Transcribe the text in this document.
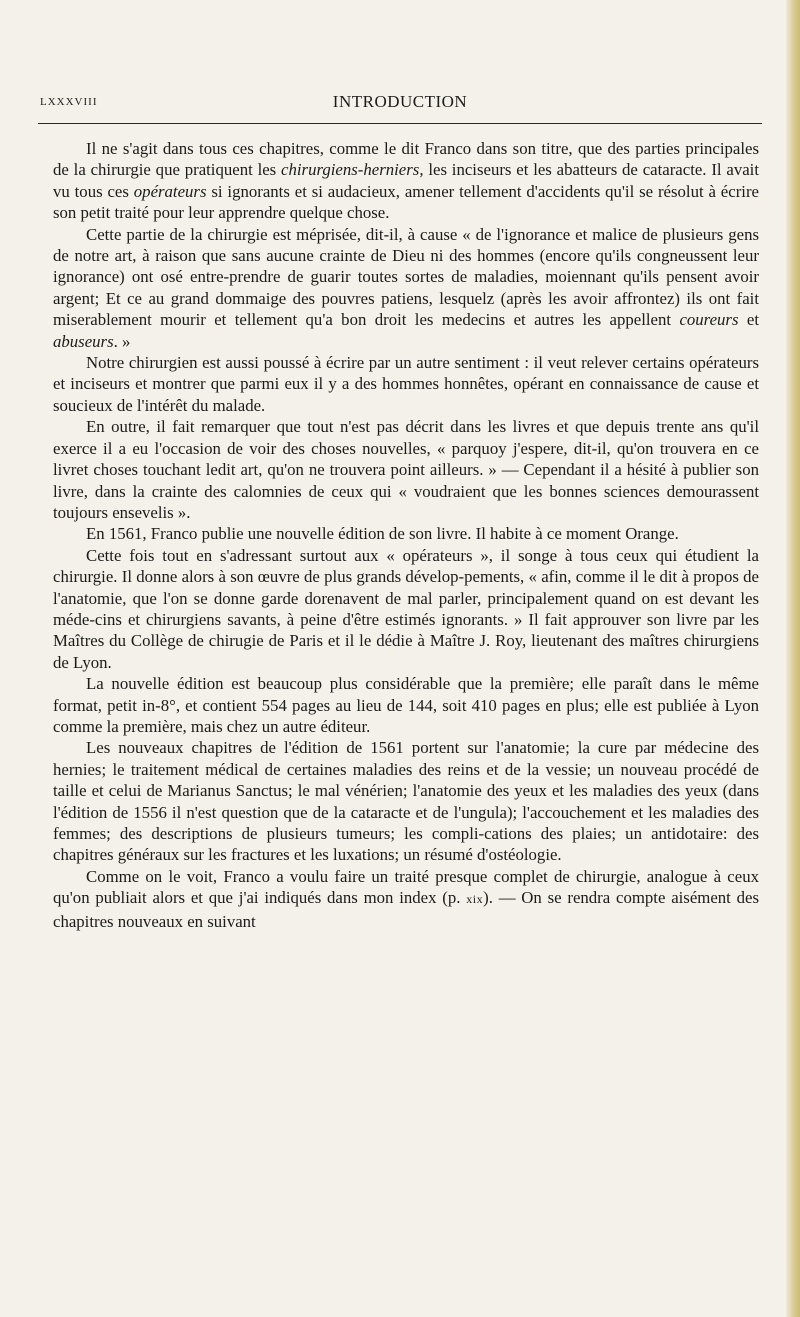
LXXXVIII	INTRODUCTION

Il ne s'agit dans tous ces chapitres, comme le dit Franco dans son titre, que des parties principales de la chirurgie que pratiquent les chirurgiens-herniers, les inciseurs et les abatteurs de cataracte. Il avait vu tous ces opérateurs si ignorants et si audacieux, amener tellement d'accidents qu'il se résolut à écrire son petit traité pour leur apprendre quelque chose.

Cette partie de la chirurgie est méprisée, dit-il, à cause « de l'ignorance et malice de plusieurs gens de notre art, à raison que sans aucune crainte de Dieu ni des hommes (encore qu'ils congneussent leur ignorance) ont osé entre-prendre de guarir toutes sortes de maladies, moiennant qu'ils pensent avoir argent; Et ce au grand dommaige des pouvres patiens, lesquelz (après les avoir affrontez) ils ont fait miserablement mourir et tellement qu'a bon droit les medecins et autres les appellent coureurs et abuseurs. »

Notre chirurgien est aussi poussé à écrire par un autre sentiment : il veut relever certains opérateurs et inciseurs et montrer que parmi eux il y a des hommes honnêtes, opérant en connaissance de cause et soucieux de l'intérêt du malade.

En outre, il fait remarquer que tout n'est pas décrit dans les livres et que depuis trente ans qu'il exerce il a eu l'occasion de voir des choses nouvelles, « parquoy j'espere, dit-il, qu'on trouvera en ce livret choses touchant ledit art, qu'on ne trouvera point ailleurs. » — Cependant il a hésité à publier son livre, dans la crainte des calomnies de ceux qui « voudraient que les bonnes sciences demourassent toujours ensevelis ».

En 1561, Franco publie une nouvelle édition de son livre. Il habite à ce moment Orange.

Cette fois tout en s'adressant surtout aux « opérateurs », il songe à tous ceux qui étudient la chirurgie. Il donne alors à son œuvre de plus grands dévelop-pements, « afin, comme il le dit à propos de l'anatomie, que l'on se donne garde dorenavent de mal parler, principalement quand on est devant les méde-cins et chirurgiens savants, à peine d'être estimés ignorants. » Il fait approuver son livre par les Maîtres du Collège de chirugie de Paris et il le dédie à Maître J. Roy, lieutenant des maîtres chirurgiens de Lyon.

La nouvelle édition est beaucoup plus considérable que la première; elle paraît dans le même format, petit in-8°, et contient 554 pages au lieu de 144, soit 410 pages en plus; elle est publiée à Lyon comme la première, mais chez un autre éditeur.

Les nouveaux chapitres de l'édition de 1561 portent sur l'anatomie; la cure par médecine des hernies; le traitement médical de certaines maladies des reins et de la vessie; un nouveau procédé de taille et celui de Marianus Sanctus; le mal vénérien; l'anatomie des yeux et les maladies des yeux (dans l'édition de 1556 il n'est question que de la cataracte et de l'ungula); l'accouchement et les maladies des femmes; des descriptions de plusieurs tumeurs; les compli-cations des plaies; un antidotaire: des chapitres généraux sur les fractures et les luxations; un résumé d'ostéologie.

Comme on le voit, Franco a voulu faire un traité presque complet de chirurgie, analogue à ceux qu'on publiait alors et que j'ai indiqués dans mon index (p. xix). — On se rendra compte aisément des chapitres nouveaux en suivant
